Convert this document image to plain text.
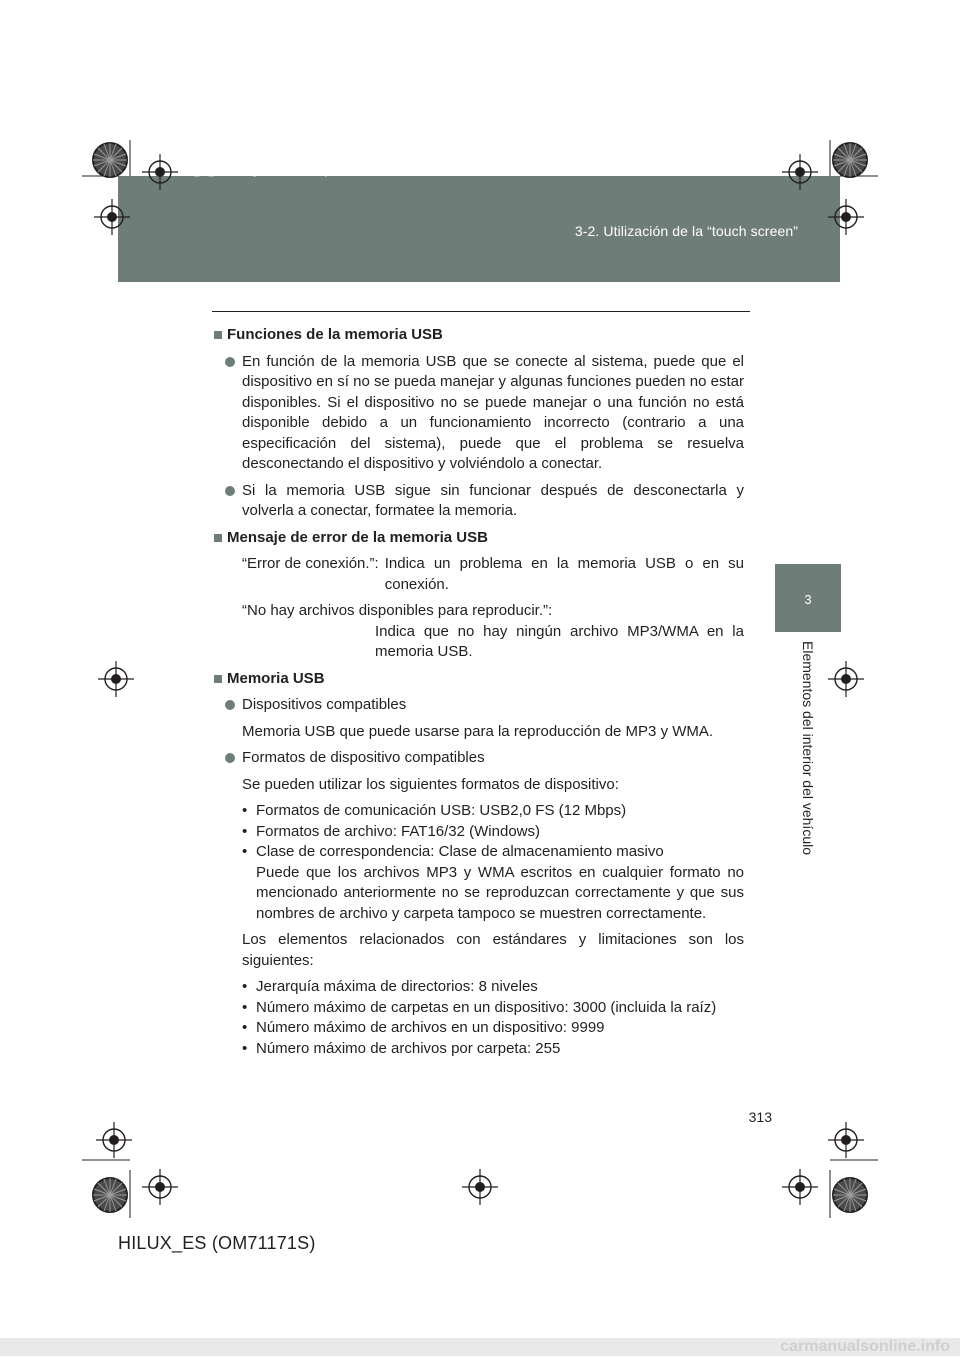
3-2. Utilización de la “touch screen”
sec_03_02.fm Page 313 Wednesday, March 30, 2011 6:53 PM
3
Elementos del interior del vehículo
Funciones de la memoria USB
En función de la memoria USB que se conecte al sistema, puede que el dispositivo en sí no se pueda manejar y algunas funciones pueden no estar disponibles. Si el dispositivo no se puede manejar o una función no está disponible debido a un funcionamiento incorrecto (contrario a una especificación del sistema), puede que el problema se resuelva desconectando el dispositivo y volviéndolo a conectar.
Si la memoria USB sigue sin funcionar después de desconectarla y volverla a conectar, formatee la memoria.
Mensaje de error de la memoria USB
“Error de conexión.”: Indica un problema en la memoria USB o en su conexión.
“No hay archivos disponibles para reproducir.”:
Indica que no hay ningún archivo MP3/WMA en la memoria USB.
Memoria USB
Dispositivos compatibles
Memoria USB que puede usarse para la reproducción de MP3 y WMA.
Formatos de dispositivo compatibles
Se pueden utilizar los siguientes formatos de dispositivo:
• Formatos de comunicación USB: USB2,0 FS (12 Mbps)
• Formatos de archivo: FAT16/32 (Windows)
• Clase de correspondencia: Clase de almacenamiento masivo
Puede que los archivos MP3 y WMA escritos en cualquier formato no mencionado anteriormente no se reproduzcan correctamente y que sus nombres de archivo y carpeta tampoco se muestren correctamente.
Los elementos relacionados con estándares y limitaciones son los siguientes:
• Jerarquía máxima de directorios: 8 niveles
• Número máximo de carpetas en un dispositivo: 3000 (incluida la raíz)
• Número máximo de archivos en un dispositivo: 9999
• Número máximo de archivos por carpeta: 255
313
HILUX_ES (OM71171S)
carmanualsonline.info
